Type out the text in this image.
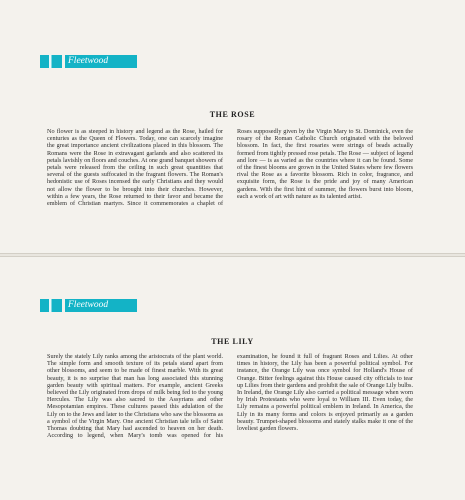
Fleetwood
THE ROSE

No flower is as steeped in history and legend as the Rose, hailed for centuries as the Queen of Flowers. Today, one can scarcely imagine the great importance ancient civilizations placed in this blossom. The Romans were the Rose in extravagant garlands and also scattered its petals lavishly on floors and couches. At one grand banquet showers of petals were released from the ceiling in such great quantities that several of the guests suffocated in the fragrant flowers. The Roman's hedonistic use of Roses incensed the early Christians and they would not allow the flower to be brought into their churches. However, within a few years, the Rose returned to their favor and became the emblem of Christian martyrs. Since it commemorates a chaplet of Roses supposedly given by the Virgin Mary to St. Dominick, even the rosary of the Roman Catholic Church originated with the beloved blossom. In fact, the first rosaries were strings of beads actually formed from tightly pressed rose petals. The Rose — subject of legend and lore — is as varied as the countries where it can be found. Some of the finest blooms are grown in the United States where few flowers rival the Rose as a favorite blossom. Rich in color, fragrance, and exquisite form, the Rose is the pride and joy of many American gardens. With the first hint of summer, the flowers burst into bloom, each a work of art with nature as its talented artist.

Fleetwood
THE LILY

Surely the stately Lily ranks among the aristocrats of the plant world. The simple form and smooth texture of its petals stand apart from other blossoms, and seem to be made of finest marble. With its great beauty, it is no surprise that man has long associated this stunning garden beauty with spiritual matters. For example, ancient Greeks believed the Lily originated from drops of milk being fed to the young Hercules. The Lily was also sacred to the Assyrians and other Mesopotamian empires. These cultures passed this adulation of the Lily on to the Jews and later to the Christians who saw the blossoms as a symbol of the Virgin Mary. One ancient Christian tale tells of Saint Thomas doubting that Mary had ascended to heaven on her death. According to legend, when Mary's tomb was opened for his examination, he found it full of fragrant Roses and Lilies. At other times in history, the Lily has been a powerful political symbol. For instance, the Orange Lily was once symbol for Holland's House of Orange. Bitter feelings against this House caused city officials to tear up Lilies from their gardens and prohibit the sale of Orange Lily bulbs. In Ireland, the Orange Lily also carried a political message when worn by Irish Protestants who were loyal to William III. Even today, the Lily remains a powerful political emblem in Ireland. In America, the Lily in its many forms and colors is enjoyed primarily as a garden beauty. Trumpet-shaped blossoms and stately stalks make it one of the loveliest garden flowers.
